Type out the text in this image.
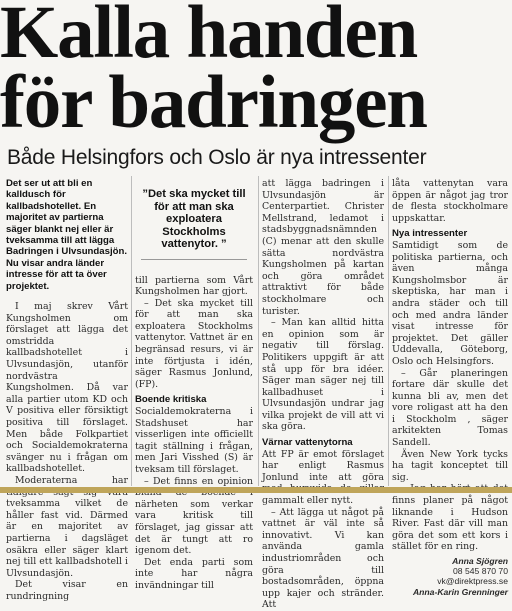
Kalla handen
för badringen
Både Helsingfors och Oslo är nya intressenter

Det ser ut att bli en kalldusch för kallbadshotellet. En majoritet av partierna säger blankt nej eller är tveksamma till att lägga Badringen i Ulvsundasjön. Nu visar andra länder intresse för att ta över projektet.

I maj skrev Vårt Kungsholmen om förslaget att lägga det omstridda kallbadshotellet i Ulvsundasjön, utanför nordvästra Kungsholmen. Då var alla partier utom KD och V positiva eller försiktigt positiva till förslaget. Men både Folkpartiet och Socialdemokraterna svänger nu i frågan om kallbadshotellet.

Moderaterna har tveksamma vilket de håller fast vid. Därmed är en majoritet av partierna i dagsläget osäkra eller säger klart nej till ett kallbadshotell i Ulvsundasjön.

Det visar en rundringning

”Det ska mycket till för att man ska exploatera Stockholms vattenytor. ”

till partierna som Vårt Kungsholmen har gjort.

– Det ska mycket till för att man ska exploatera Stockholms vattenytor. Vattnet är en begränsad resurs, vi är inte förtjusta i idén, säger Rasmus Jonlund, (FP).

Boende kritiska

Socialdemokraterna i Stadshuset har visserligen inte officiellt tagit ställning i frågan, men Jari Visshed (S) är tveksam till förslaget.

– Det finns en opinion närheten som verkar vara kritisk till förslaget, jag gissar att det är tungt att ro igenom det.

Det enda parti som inte har några invändningar till

att lägga badringen i Ulvsundasjön är Centerpartiet. Christer Mellstrand, ledamot i stadsbyggnadsnämnden (C) menar att den skulle sätta nordvästra Kungsholmen på kartan och göra området attraktivt för både stockholmare och turister.

– Man kan alltid hitta en opinion som är negativ till förslag. Politikers uppgift är att stå upp för bra idéer. Säger man säger nej till kallbadhuset i Ulvsundasjön undrar jag vilka projekt de vill att vi ska göra.

Värnar vattenytorna

Att FP är emot förslaget har enligt Rasmus Jonlund inte att göra gammalt eller nytt.

– Att lägga ut något på vattnet är väl inte så innovativt. Vi kan använda gamla industriområden och göra till bostadsområden, öppna upp kajer och stränder. Att

låta vattenytan vara öppen är något jag tror de flesta stockholmare uppskattar.

Nya intressenter

Samtidigt som de politiska partierna, och även många Kungsholmsbor är skeptiska, har man i andra städer och till och med andra länder visat intresse för projektet. Det gäller Uddevalla, Göteborg, Oslo och Helsingfors.

– Går planeringen fortare där skulle det kunna bli av, men det vore roligast att ha den i Stockholm , säger arkitekten Tomas Sandell.

Även New York tycks ha tagit konceptet till sig.

finns planer på något liknande i Hudson River. Fast där vill man göra det som ett kors i stället för en ring.

Anna Sjögren
08 545 870 70
vk@direktpress.se
Anna-Karin Grenninger
